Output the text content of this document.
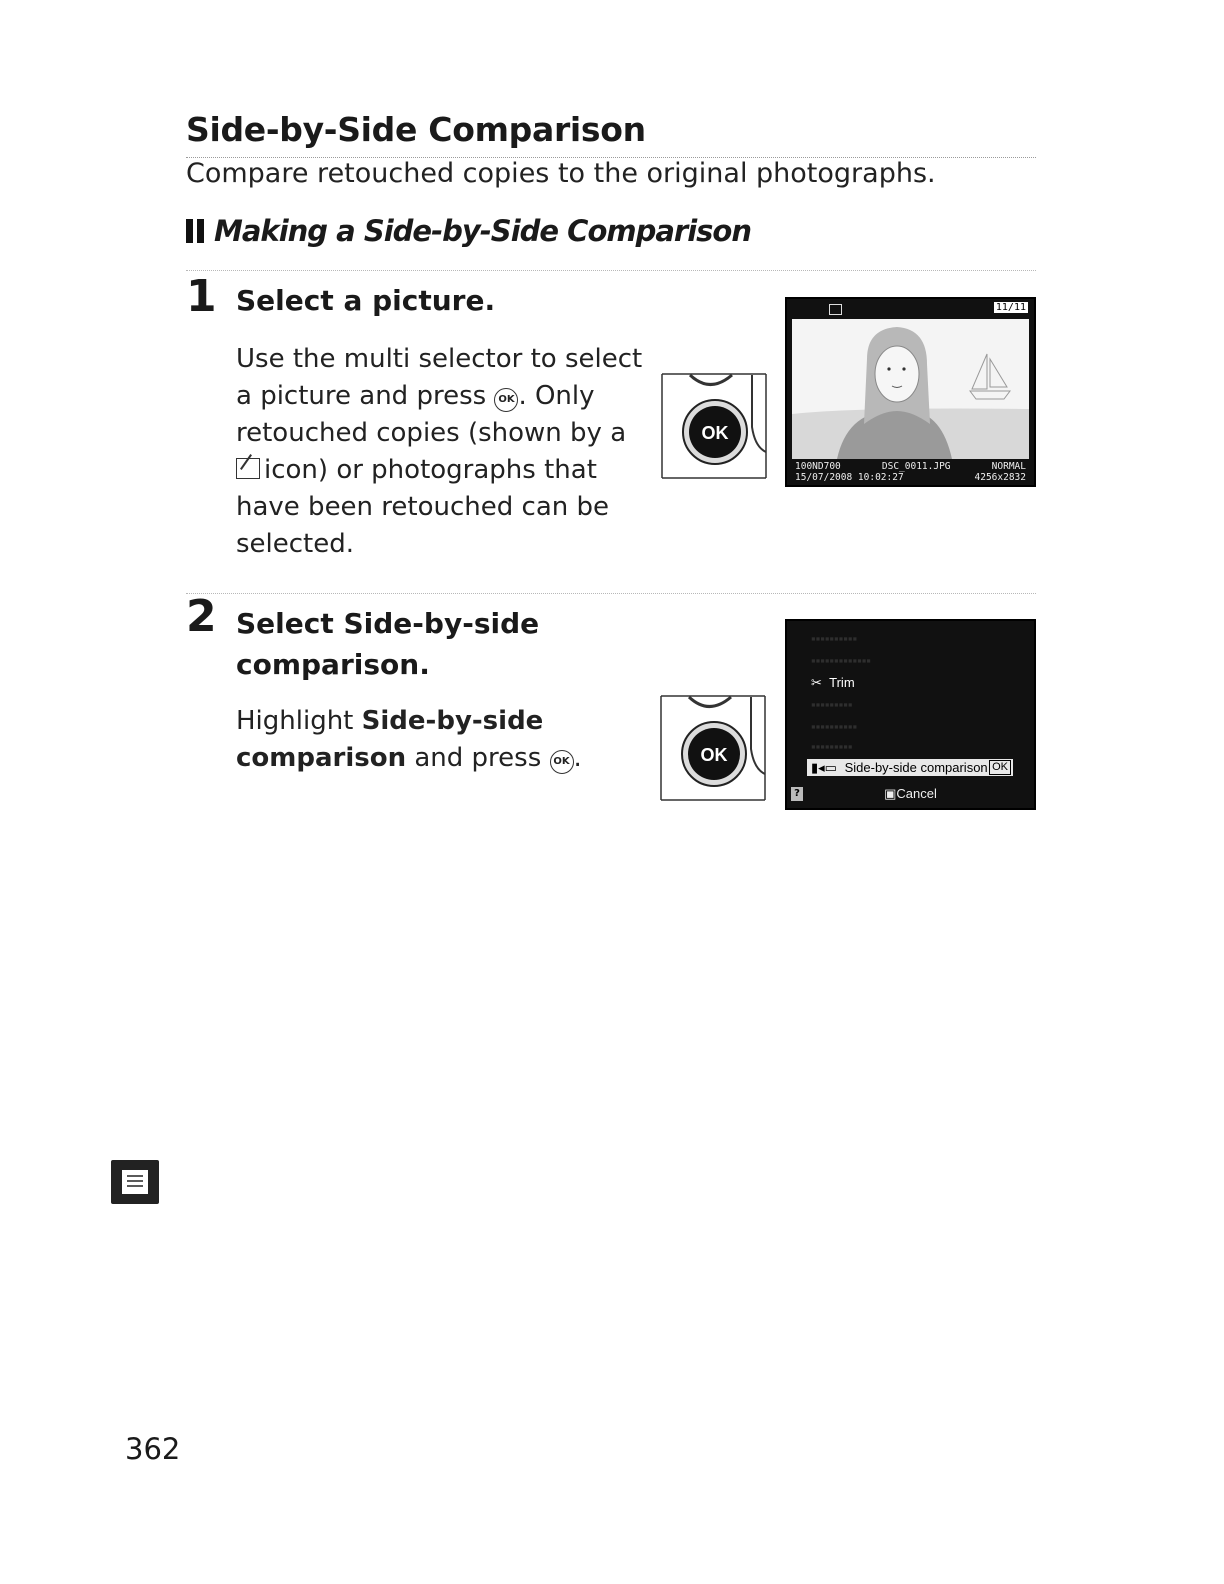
Side-by-Side Comparison
Compare retouched copies to the original photographs.
Making a Side-by-Side Comparison
1 Select a picture.
Use the multi selector to select
a picture and press OK . Only
retouched copies (shown by a
icon) or photographs that
have been retouched can be
selected.
OK
11/11
100ND700	DSC_0011.JPG	NORMAL
15/07/2008 10:02:27	4256x2832
2 Select Side-by-side
comparison.
Highlight Side-by-side
comparison and press OK .	OK
▪▪▪▪▪▪▪▪▪▪
▪▪▪▪▪▪▪▪▪▪▪▪▪
✂ Trim
▪▪▪▪▪▪▪▪▪
▪▪▪▪▪▪▪▪▪▪
▪▪▪▪▪▪▪▪▪
▮◂▭ Side-by-side comparison OK
?	▣Cancel
362
